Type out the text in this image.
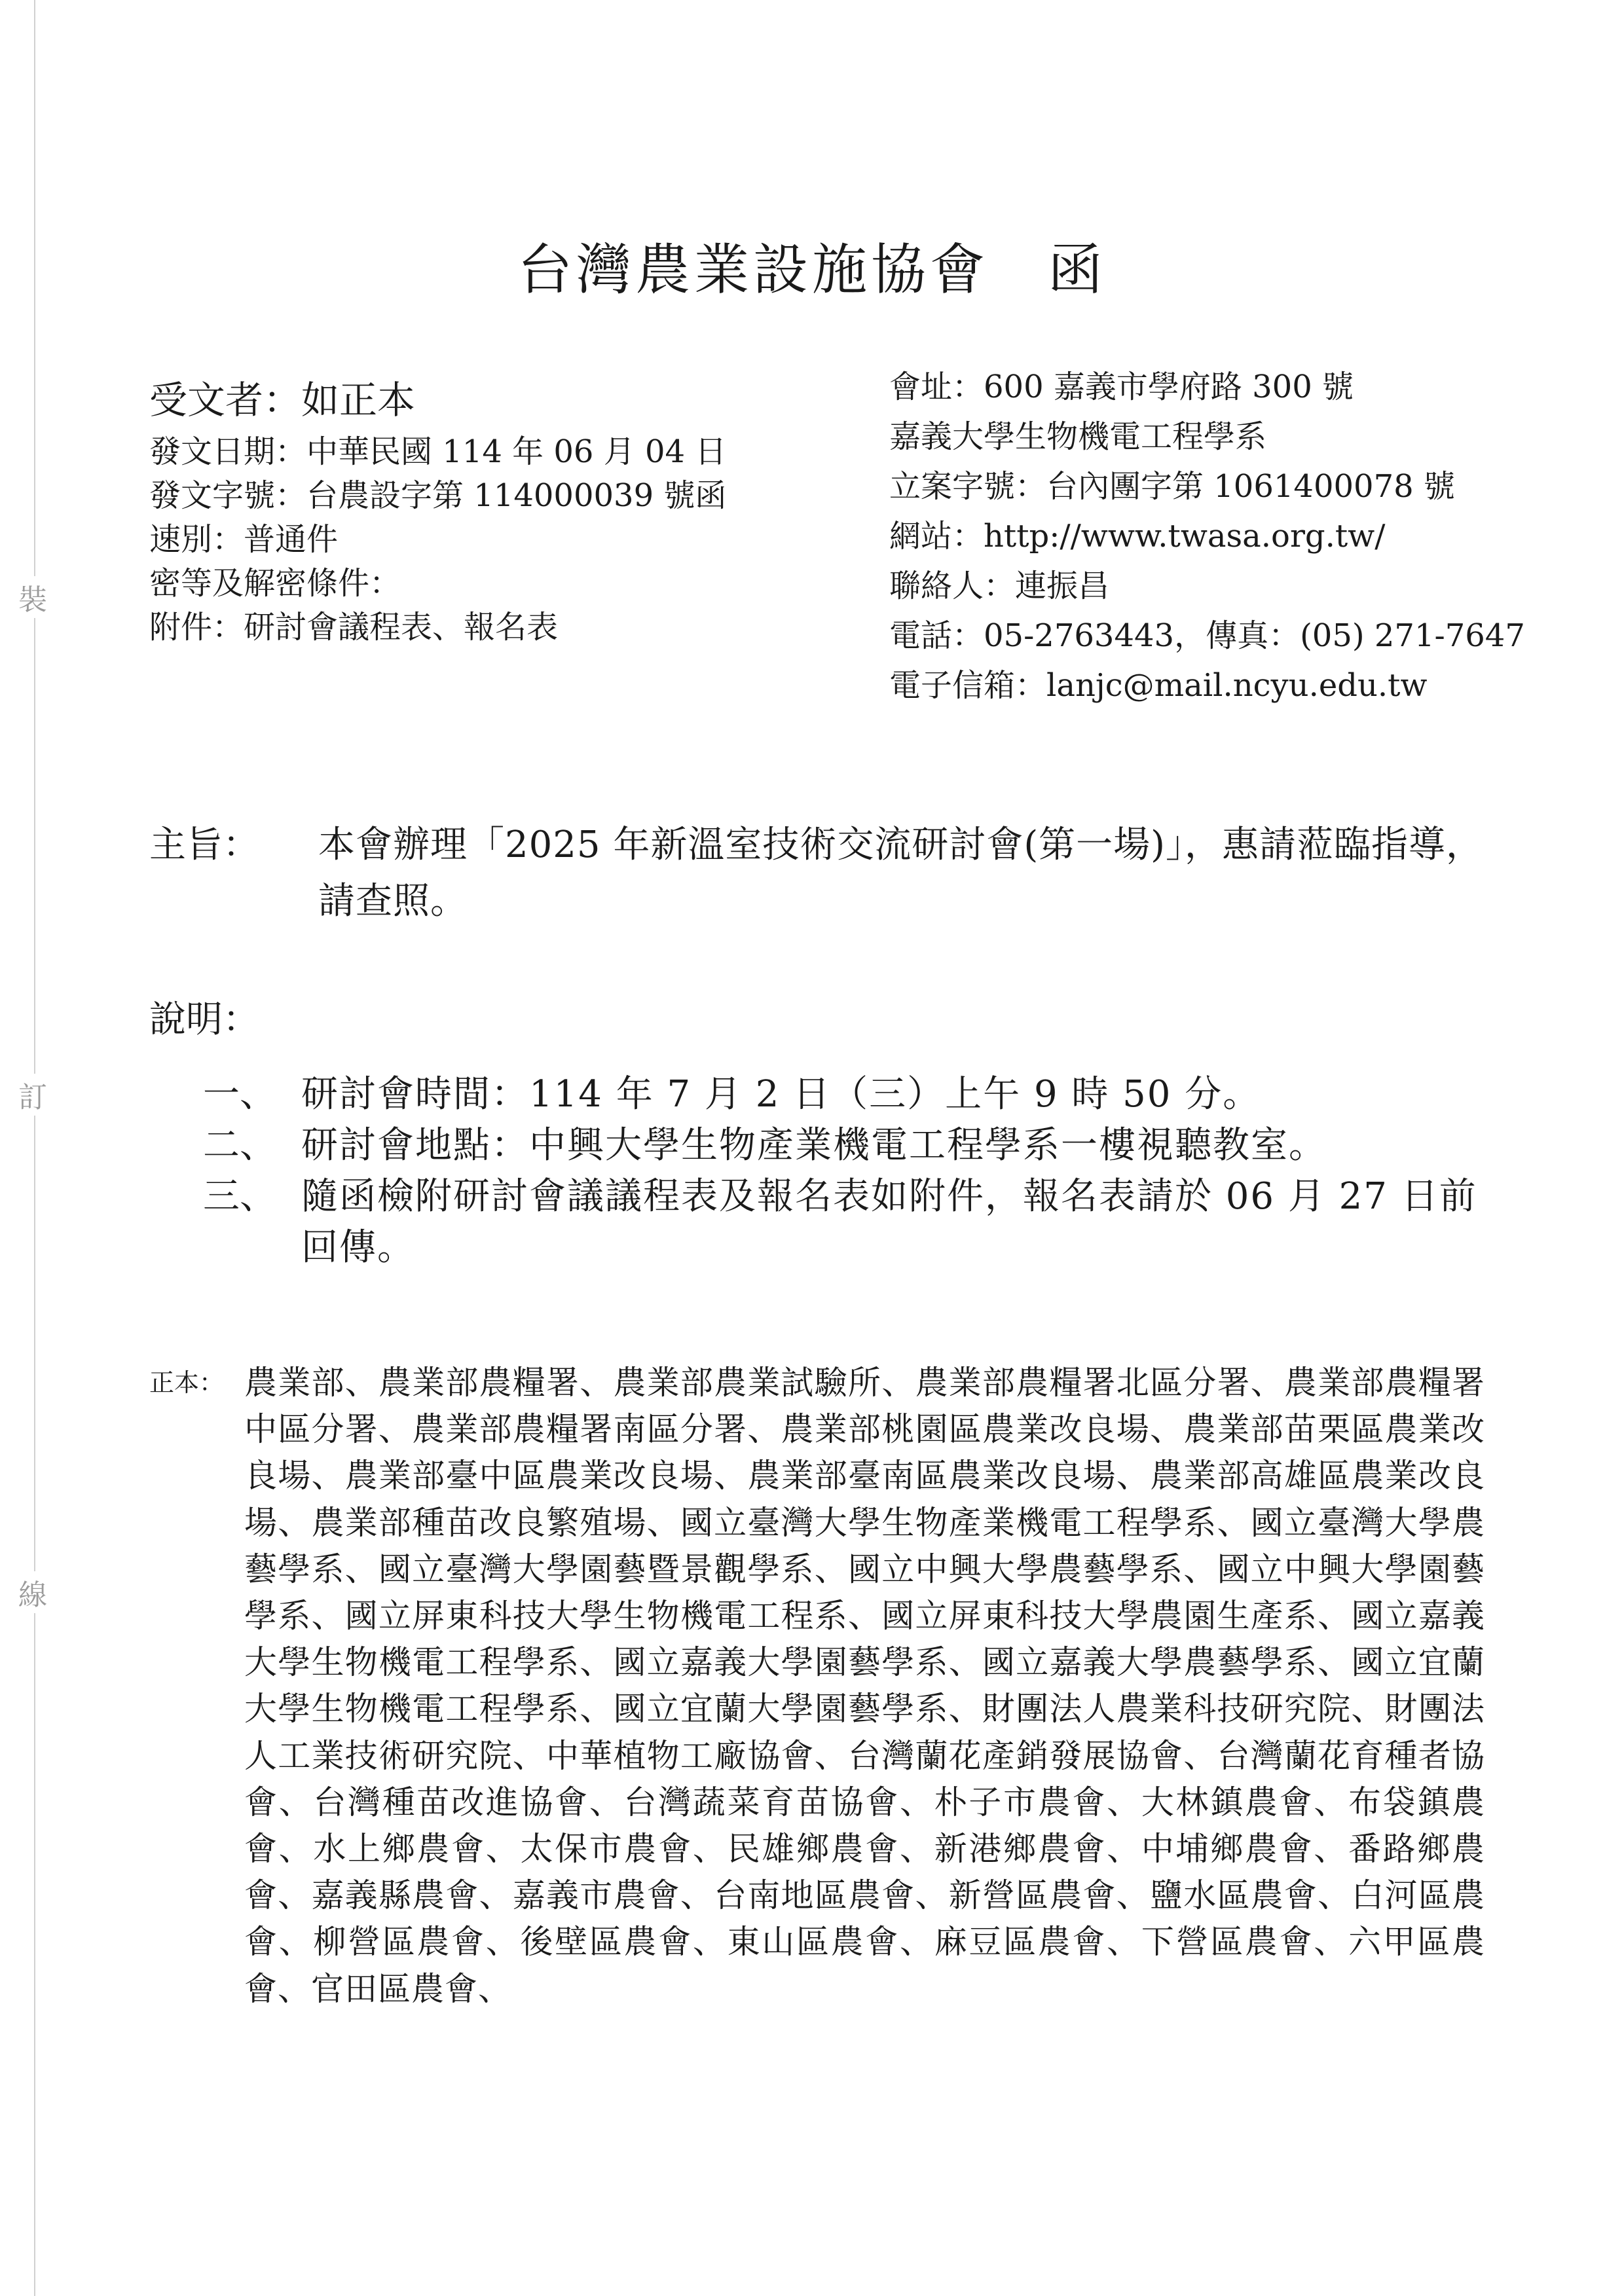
裝
訂
線
台灣農業設施協會　函
受文者：如正本
發文日期：中華民國 114 年 06 月 04 日
發文字號：台農設字第 114000039 號函
速別：普通件
密等及解密條件：
附件：研討會議程表、報名表
會址：600 嘉義市學府路 300 號
嘉義大學生物機電工程學系
立案字號：台內團字第 1061400078 號
網站：http://www.twasa.org.tw/
聯絡人：連振昌
電話：05-2763443，傳真：(05) 271-7647
電子信箱：lanjc@mail.ncyu.edu.tw
主旨： 本會辦理「2025 年新溫室技術交流研討會(第一場)」，惠請蒞臨指導，請查照。
說明：
一、 研討會時間：114 年 7 月 2 日（三）上午 9 時 50 分。
二、 研討會地點：中興大學生物產業機電工程學系一樓視聽教室。
三、 隨函檢附研討會議議程表及報名表如附件，報名表請於 06 月 27 日前回傳。
正本： 農業部、農業部農糧署、農業部農業試驗所、農業部農糧署北區分署、農業部農糧署中區分署、農業部農糧署南區分署、農業部桃園區農業改良場、農業部苗栗區農業改良場、農業部臺中區農業改良場、農業部臺南區農業改良場、農業部高雄區農業改良場、農業部種苗改良繁殖場、國立臺灣大學生物產業機電工程學系、國立臺灣大學農藝學系、國立臺灣大學園藝暨景觀學系、國立中興大學農藝學系、國立中興大學園藝學系、國立屏東科技大學生物機電工程系、國立屏東科技大學農園生產系、國立嘉義大學生物機電工程學系、國立嘉義大學園藝學系、國立嘉義大學農藝學系、國立宜蘭大學生物機電工程學系、國立宜蘭大學園藝學系、財團法人農業科技研究院、財團法人工業技術研究院、中華植物工廠協會、台灣蘭花產銷發展協會、台灣蘭花育種者協會、台灣種苗改進協會、台灣蔬菜育苗協會、朴子市農會、大林鎮農會、布袋鎮農會、水上鄉農會、太保市農會、民雄鄉農會、新港鄉農會、中埔鄉農會、番路鄉農會、嘉義縣農會、嘉義市農會、台南地區農會、新營區農會、鹽水區農會、白河區農會、柳營區農會、後壁區農會、東山區農會、麻豆區農會、下營區農會、六甲區農會、官田區農會、
